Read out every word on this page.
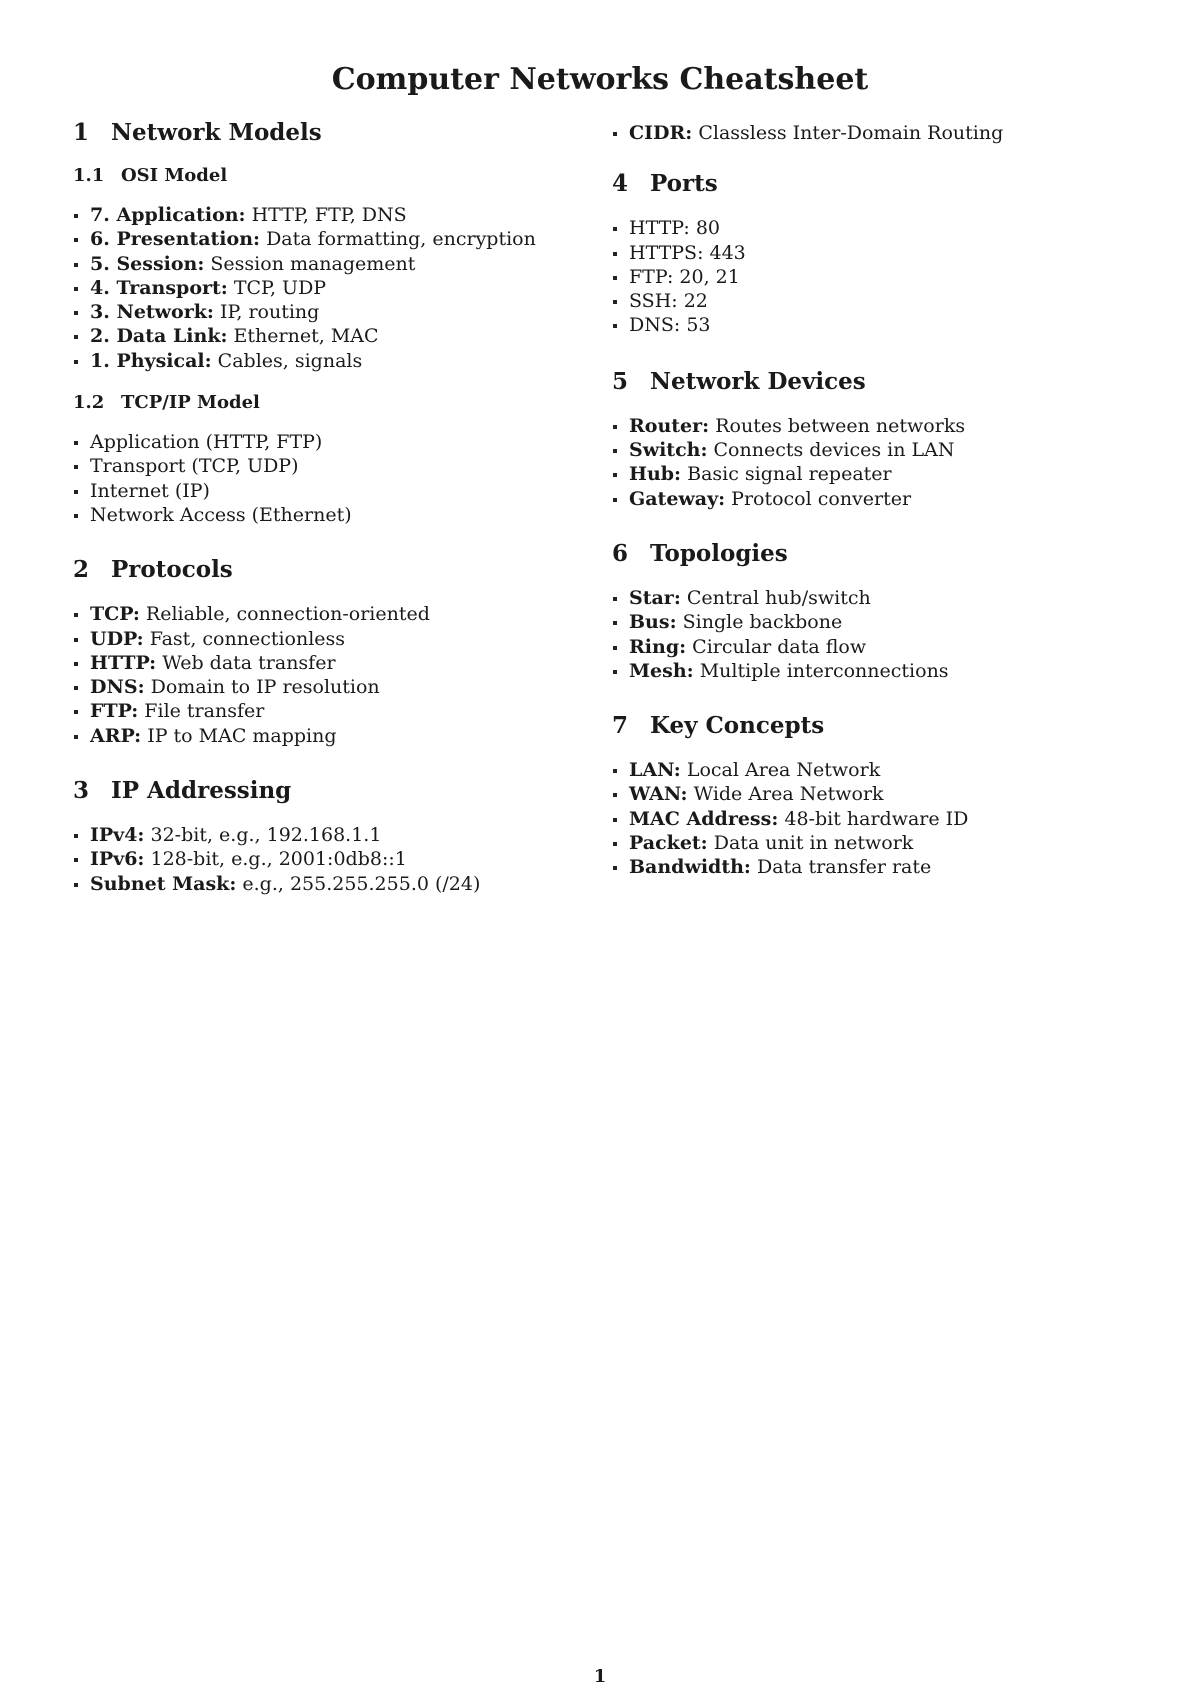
Computer Networks Cheatsheet
1 Network Models
1.1 OSI Model
7. Application: HTTP, FTP, DNS
6. Presentation: Data formatting, encryption
5. Session: Session management
4. Transport: TCP, UDP
3. Network: IP, routing
2. Data Link: Ethernet, MAC
1. Physical: Cables, signals
1.2 TCP/IP Model
Application (HTTP, FTP)
Transport (TCP, UDP)
Internet (IP)
Network Access (Ethernet)
2 Protocols
TCP: Reliable, connection-oriented
UDP: Fast, connectionless
HTTP: Web data transfer
DNS: Domain to IP resolution
FTP: File transfer
ARP: IP to MAC mapping
3 IP Addressing
IPv4: 32-bit, e.g., 192.168.1.1
IPv6: 128-bit, e.g., 2001:0db8::1
Subnet Mask: e.g., 255.255.255.0 (/24)
CIDR: Classless Inter-Domain Routing
4 Ports
HTTP: 80
HTTPS: 443
FTP: 20, 21
SSH: 22
DNS: 53
5 Network Devices
Router: Routes between networks
Switch: Connects devices in LAN
Hub: Basic signal repeater
Gateway: Protocol converter
6 Topologies
Star: Central hub/switch
Bus: Single backbone
Ring: Circular data flow
Mesh: Multiple interconnections
7 Key Concepts
LAN: Local Area Network
WAN: Wide Area Network
MAC Address: 48-bit hardware ID
Packet: Data unit in network
Bandwidth: Data transfer rate
1
